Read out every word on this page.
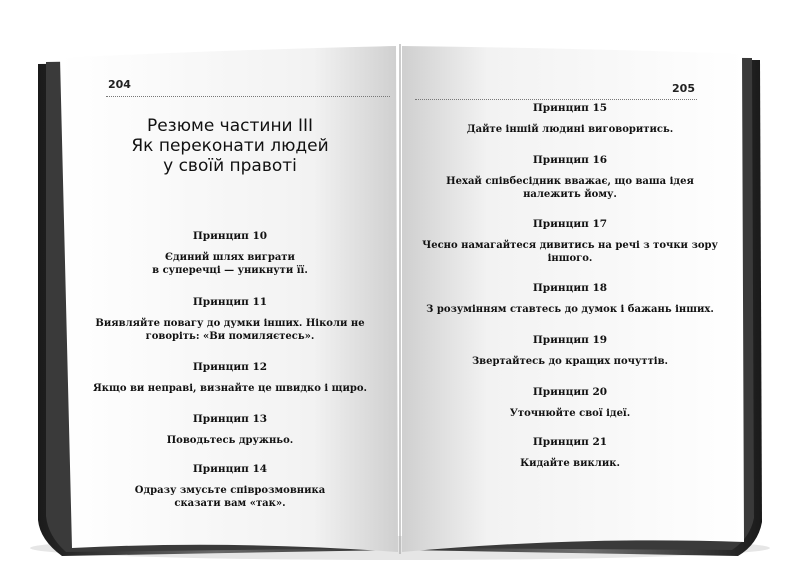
204
Резюме частини III
Як переконати людей
у своїй правоті
Принцип 10
Єдиний шлях виграти
в суперечці — уникнути її.
Принцип 11
Виявляйте повагу до думки інших. Ніколи не
говоріть: «Ви помиляєтесь».
Принцип 12
Якщо ви неправі, визнайте це швидко і щиро.
Принцип 13
Поводьтесь дружньо.
Принцип 14
Одразу змусьте співрозмовника
сказати вам «так».
205
Принцип 15
Дайте іншій людині виговоритись.
Принцип 16
Нехай співбесідник вважає, що ваша ідея
належить йому.
Принцип 17
Чесно намагайтеся дивитись на речі з точки зору
іншого.
Принцип 18
З розумінням ставтесь до думок і бажань інших.
Принцип 19
Звертайтесь до кращих почуттів.
Принцип 20
Уточнюйте свої ідеї.
Принцип 21
Кидайте виклик.
